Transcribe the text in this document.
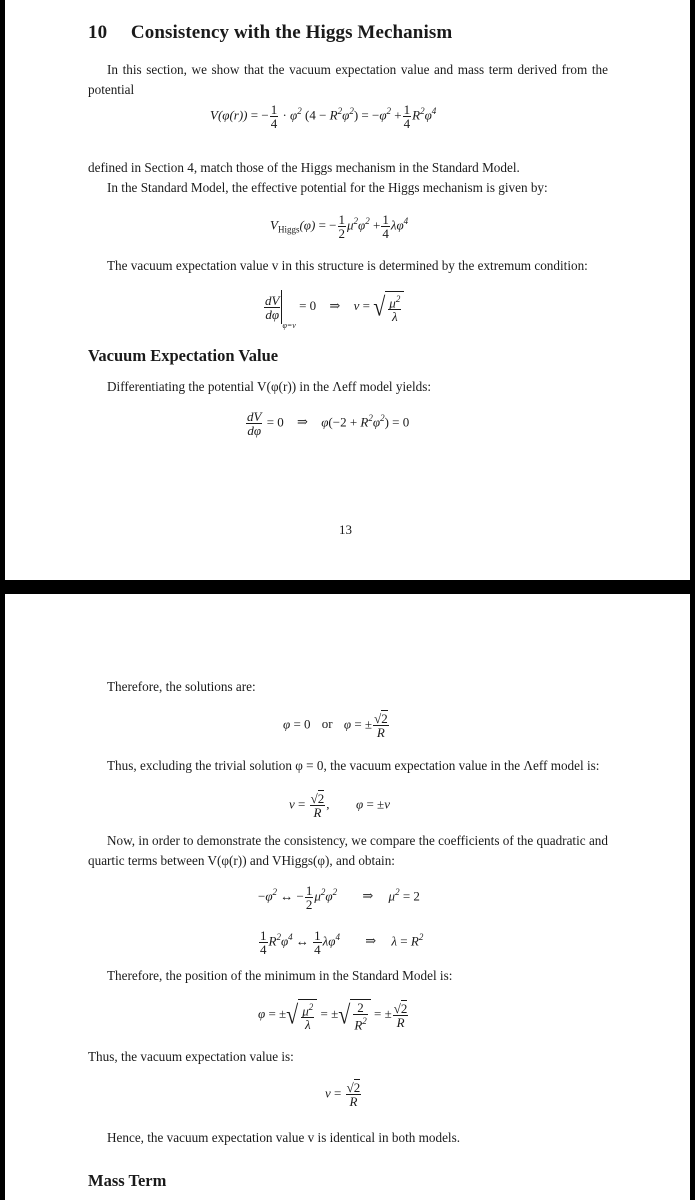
10 Consistency with the Higgs Mechanism
In this section, we show that the vacuum expectation value and mass term derived from the potential
V(φ(r)) = − $\frac{1}{4} \cdot \varphi^2$ $(4 - R^2\varphi^2) = -\varphi^2 + \frac{1}{4} R^2\varphi^4$
defined in Section 4, match those of the Higgs mechanism in the Standard Model.
In the Standard Model, the effective potential for the Higgs mechanism is given by:
$V_{Higgs}(\varphi)$ = − $\frac{1}{2} \mu^2\varphi^2 + \frac{1}{4} \lambda\varphi^4$
The vacuum expectation value v in this structure is determined by the extremum condition:
$\frac{dV}{d\varphi}$
$_{\varphi=v}$ = 0 ⇒ v = √ $\frac{\mu^2}{\lambda}$
Vacuum Expectation Value
Differentiating the potential V(φ(r)) in the Λeff model yields:
$\frac{dV}{d\varphi} = 0$ ⇒ $\varphi(-2 + R^2\varphi^2) = 0$
13
Therefore, the solutions are:
φ = 0 or φ = ± $\frac{√2}{R}$
Thus, excluding the trivial solution φ = 0, the vacuum expectation value in the Λeff model is:
$v = \frac{√2}{R}$ ,  φ = ±v
Now, in order to demonstrate the consistency, we compare the coefficients of the quadratic and quartic terms between V(φ(r)) and VHiggs(φ), and obtain:
$-\varphi^2$ ↔ − $\frac{1}{2} \mu^2\varphi^2$ ⇒ $\mu^2 = 2$
$\frac{1}{4} R^2\varphi^4$ ↔ $\frac{1}{4} \lambda\varphi^4$ ⇒ $\lambda = R^2$
Therefore, the position of the minimum in the Standard Model is:
φ = ±√ $\frac{\mu^2}{\lambda}$ = ±√ $\frac{2}{R^2}$ = ± $\frac{√2}{R}$
Thus, the vacuum expectation value is:
$v = \frac{√2}{R}$
Hence, the vacuum expectation value v is identical in both models.
Mass Term
